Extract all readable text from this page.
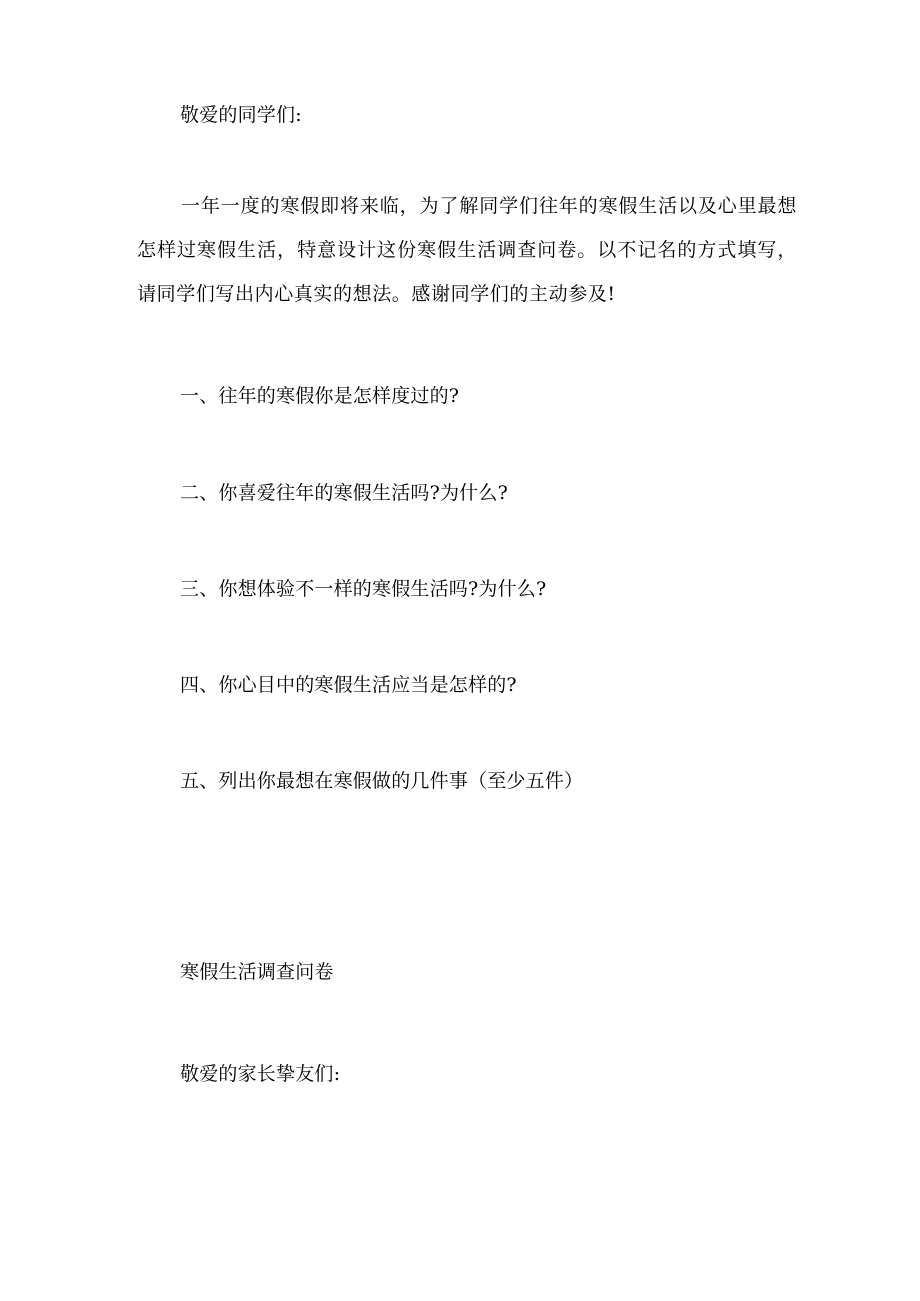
敬爱的同学们:
一年一度的寒假即将来临，为了解同学们往年的寒假生活以及心里最想怎样过寒假生活，特意设计这份寒假生活调查问卷。以不记名的方式填写，请同学们写出内心真实的想法。感谢同学们的主动参及!
一、往年的寒假你是怎样度过的?
二、你喜爱往年的寒假生活吗?为什么?
三、你想体验不一样的寒假生活吗?为什么?
四、你心目中的寒假生活应当是怎样的?
五、列出你最想在寒假做的几件事（至少五件）
寒假生活调查问卷
敬爱的家长挚友们:
